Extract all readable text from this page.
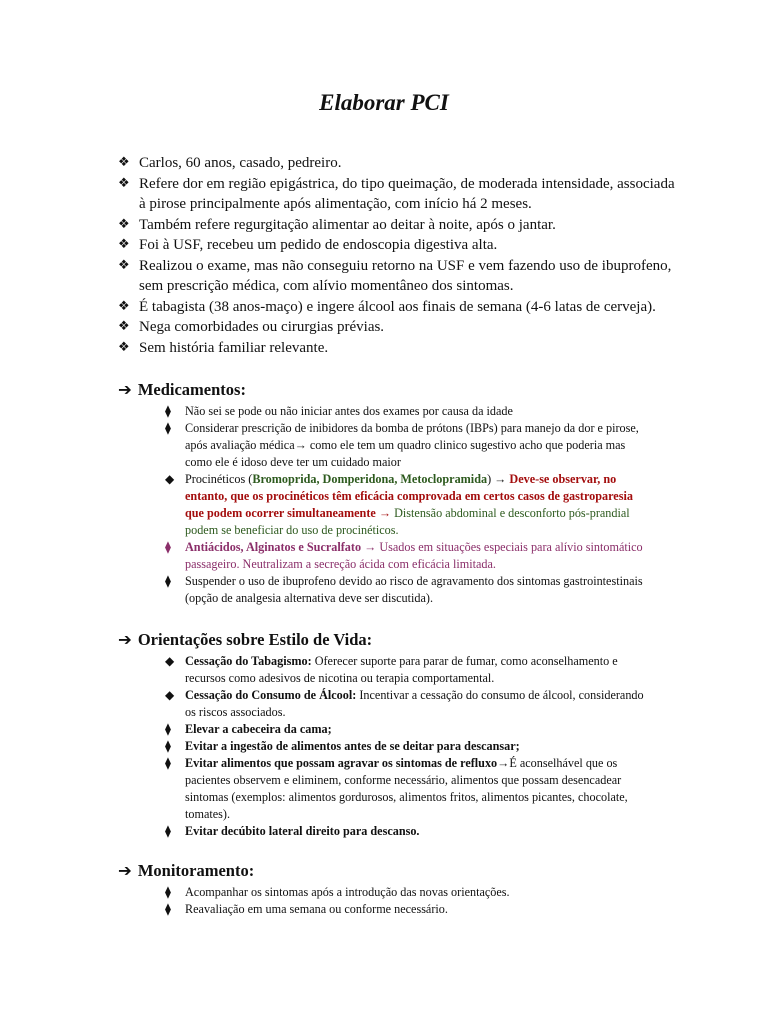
Elaborar PCI
❖ Carlos, 60 anos, casado, pedreiro.
❖ Refere dor em região epigástrica, do tipo queimação, de moderada intensidade, associada à pirose principalmente após alimentação, com início há 2 meses.
❖ Também refere regurgitação alimentar ao deitar à noite, após o jantar.
❖ Foi à USF, recebeu um pedido de endoscopia digestiva alta.
❖ Realizou o exame, mas não conseguiu retorno na USF e vem fazendo uso de ibuprofeno, sem prescrição médica, com alívio momentâneo dos sintomas.
❖ É tabagista (38 anos-maço) e ingere álcool aos finais de semana (4-6 latas de cerveja).
❖ Nega comorbidades ou cirurgias prévias.
❖ Sem história familiar relevante.
➔ Medicamentos:
⧫ Não sei se pode ou não iniciar antes dos exames por causa da idade
⧫ Considerar prescrição de inibidores da bomba de prótons (IBPs) para manejo da dor e pirose, após avaliação médica→ como ele tem um quadro clinico sugestivo acho que poderia mas como ele é idoso deve ter um cuidado maior
◆ Procinéticos (Bromoprida, Domperidona, Metoclopramida) → Deve-se observar, no entanto, que os procinéticos têm eficácia comprovada em certos casos de gastroparesia que podem ocorrer simultaneamente → Distensão abdominal e desconforto pós-prandial podem se beneficiar do uso de procinéticos.
⧫ Antiácidos, Alginatos e Sucralfato → Usados em situações especiais para alívio sintomático passageiro. Neutralizam a secreção ácida com eficácia limitada.
⧫ Suspender o uso de ibuprofeno devido ao risco de agravamento dos sintomas gastrointestinais (opção de analgesia alternativa deve ser discutida).
➔ Orientações sobre Estilo de Vida:
◆ Cessação do Tabagismo: Oferecer suporte para parar de fumar, como aconselhamento e recursos como adesivos de nicotina ou terapia comportamental.
◆ Cessação do Consumo de Álcool: Incentivar a cessação do consumo de álcool, considerando os riscos associados.
⧫ Elevar a cabeceira da cama;
⧫ Evitar a ingestão de alimentos antes de se deitar para descansar;
⧫ Evitar alimentos que possam agravar os sintomas de refluxo→É aconselhável que os pacientes observem e eliminem, conforme necessário, alimentos que possam desencadear sintomas (exemplos: alimentos gordurosos, alimentos fritos, alimentos picantes, chocolate, tomates).
⧫ Evitar decúbito lateral direito para descanso.
➔ Monitoramento:
⧫ Acompanhar os sintomas após a introdução das novas orientações.
⧫ Reavaliação em uma semana ou conforme necessário.
